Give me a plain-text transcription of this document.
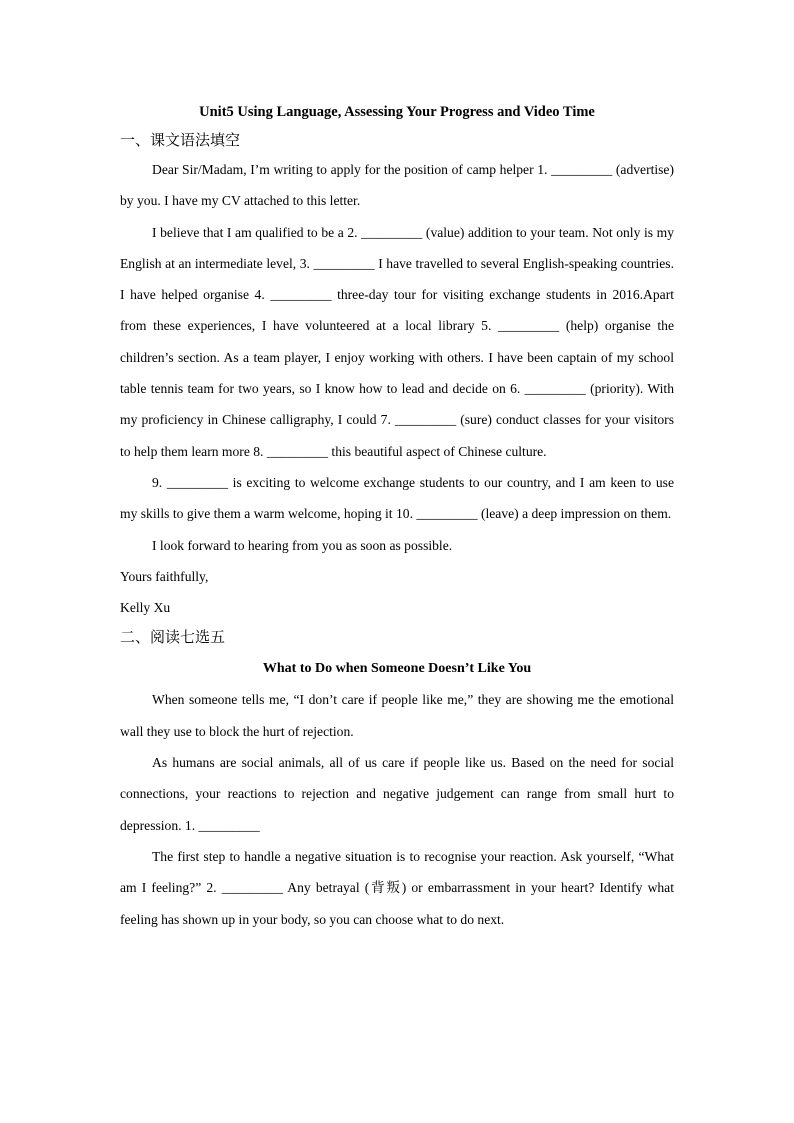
Unit5 Using Language, Assessing Your Progress and Video Time

一、课文语法填空

Dear Sir/Madam, I’m writing to apply for the position of camp helper 1. _________ (advertise) by you. I have my CV attached to this letter.

I believe that I am qualified to be a 2. _________ (value) addition to your team. Not only is my English at an intermediate level, 3. _________ I have travelled to several English-speaking countries. I have helped organise 4. _________ three-day tour for visiting exchange students in 2016.Apart from these experiences, I have volunteered at a local library 5. _________ (help) organise the children’s section. As a team player, I enjoy working with others. I have been captain of my school table tennis team for two years, so I know how to lead and decide on 6. _________ (priority). With my proficiency in Chinese calligraphy, I could 7. _________ (sure) conduct classes for your visitors to help them learn more 8. _________ this beautiful aspect of Chinese culture.

9. _________ is exciting to welcome exchange students to our country, and I am keen to use my skills to give them a warm welcome, hoping it 10. _________ (leave) a deep impression on them.

I look forward to hearing from you as soon as possible.

Yours faithfully,

Kelly Xu

二、阅读七选五

What to Do when Someone Doesn’t Like You

When someone tells me, “I don’t care if people like me,” they are showing me the emotional wall they use to block the hurt of rejection.

As humans are social animals, all of us care if people like us. Based on the need for social connections, your reactions to rejection and negative judgement can range from small hurt to depression. 1. _________

The first step to handle a negative situation is to recognise your reaction. Ask yourself, “What am I feeling?” 2. _________ Any betrayal (背叛) or embarrassment in your heart? Identify what feeling has shown up in your body, so you can choose what to do next.
